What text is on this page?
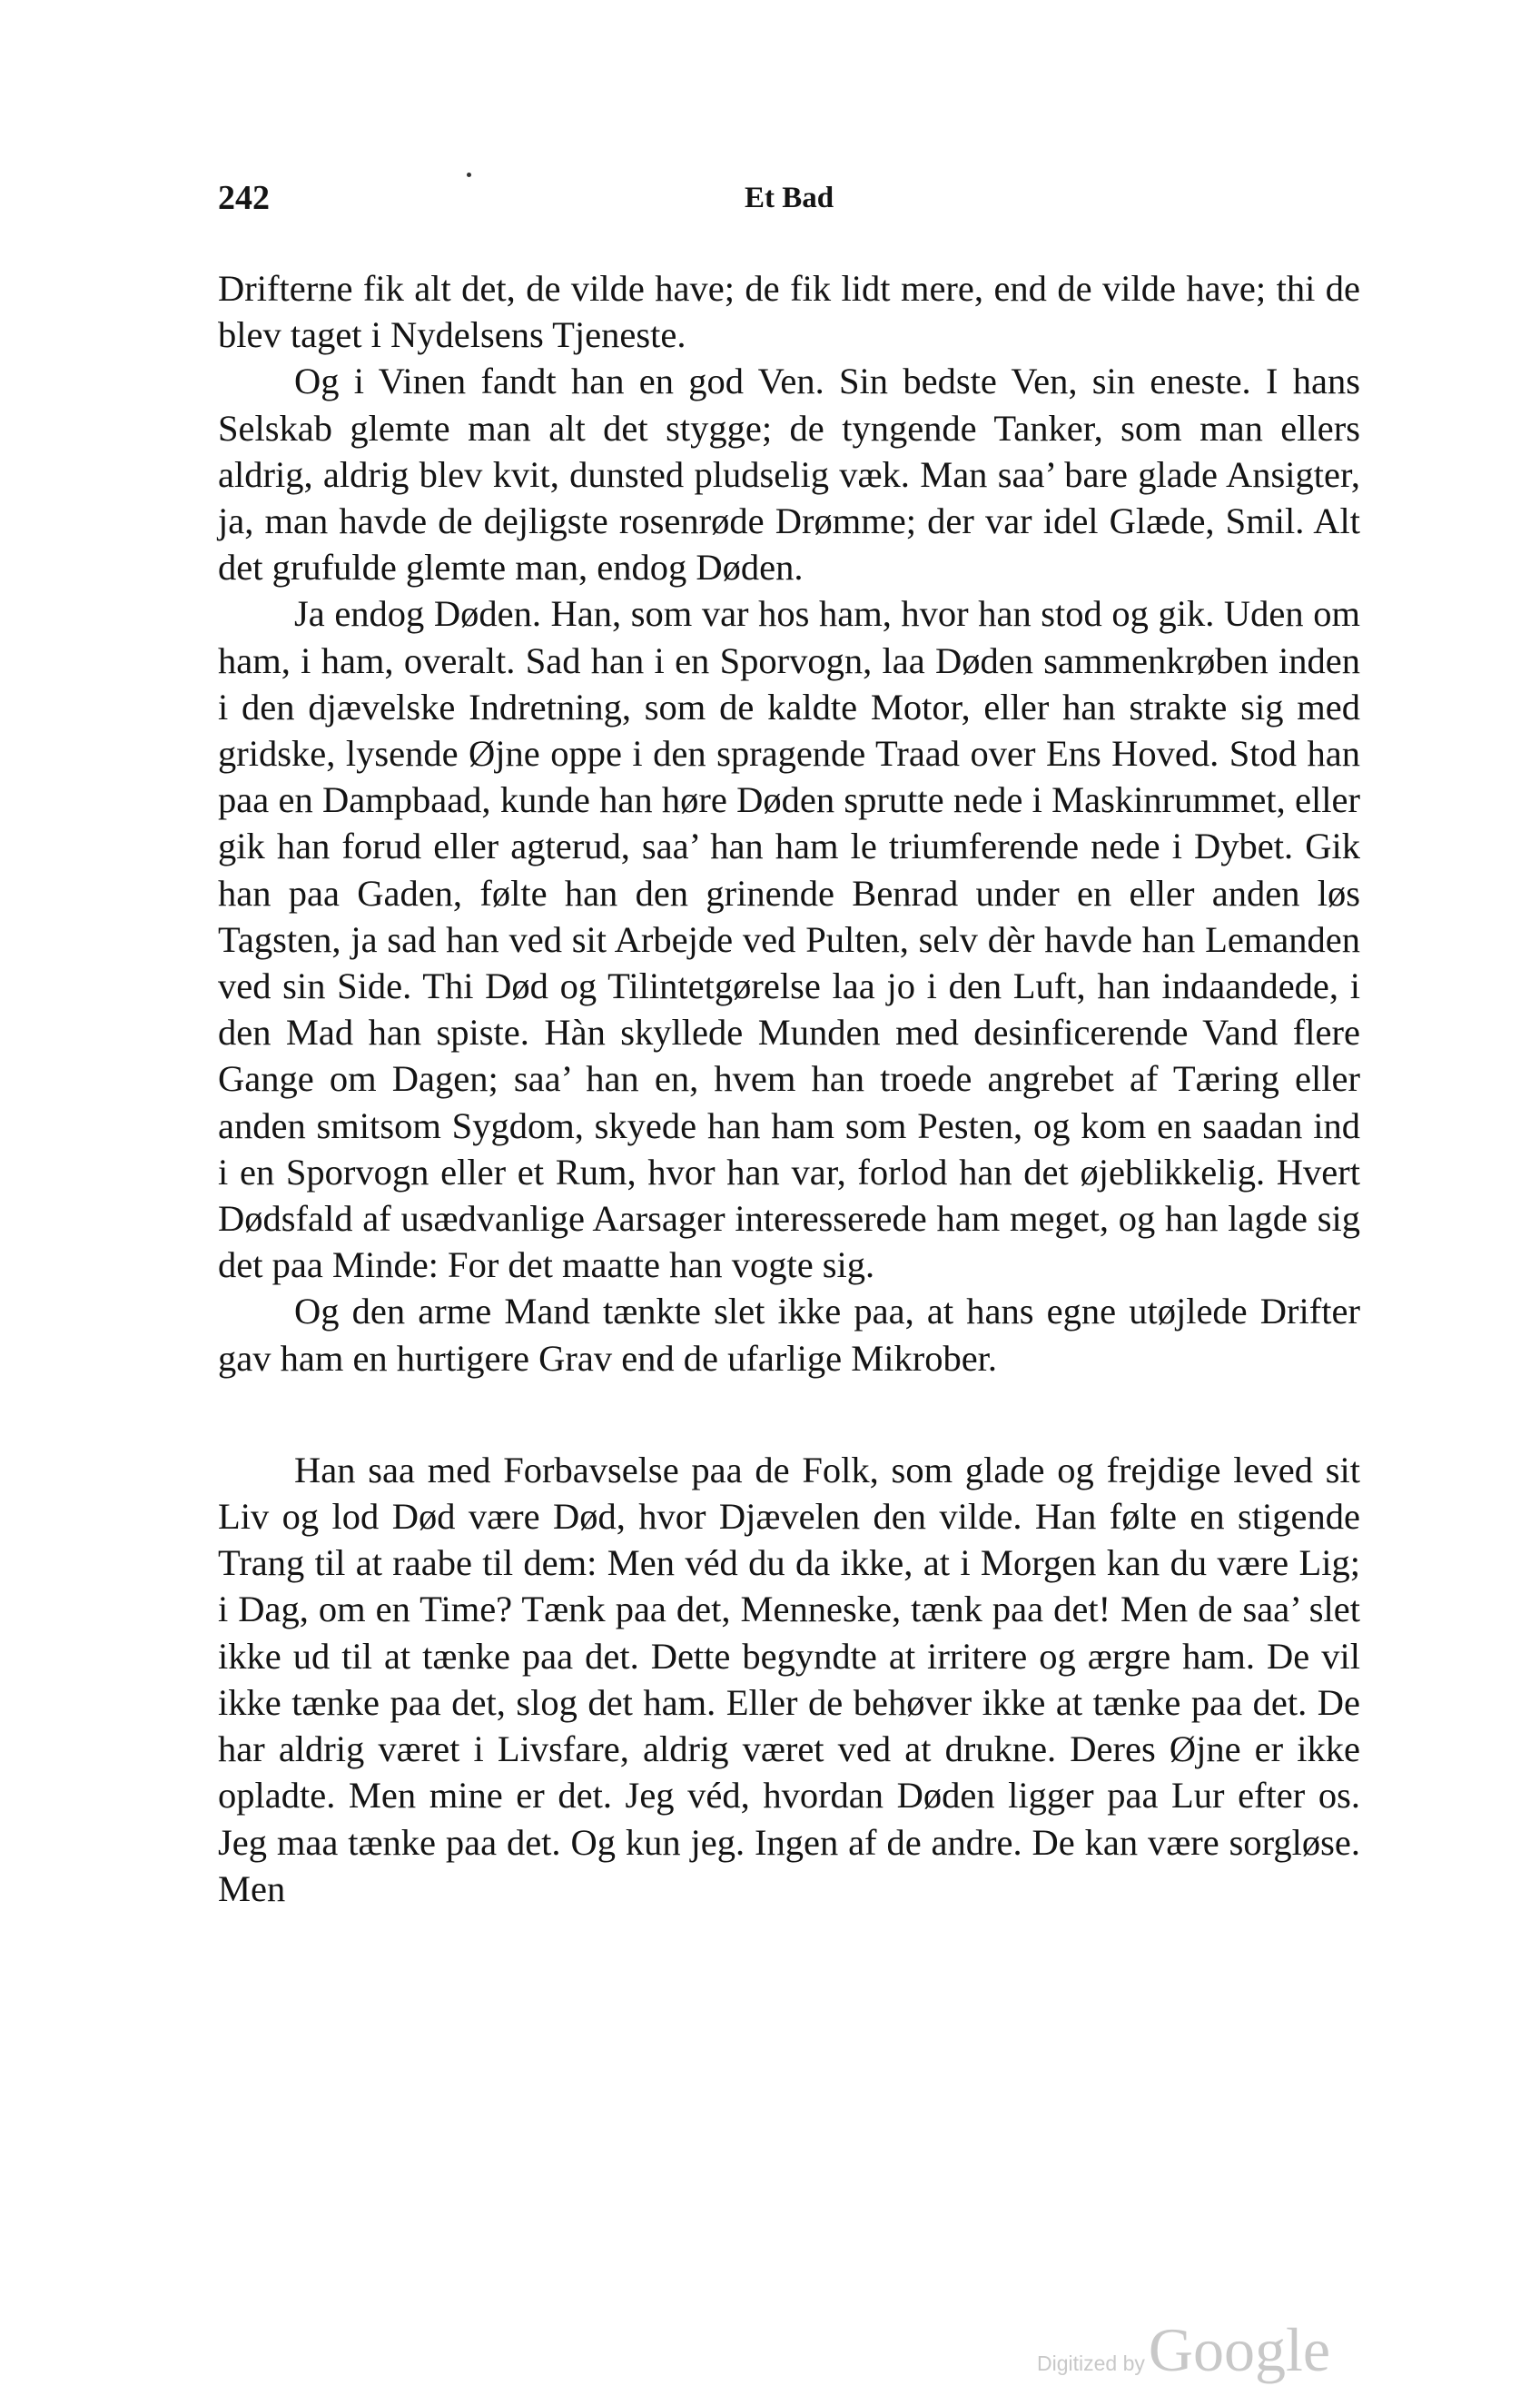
242	Et Bad

Drifterne fik alt det, de vilde have; de fik lidt mere, end de vilde have; thi de blev taget i Nydelsens Tjeneste.

Og i Vinen fandt han en god Ven. Sin bedste Ven, sin eneste. I hans Selskab glemte man alt det stygge; de tyngende Tanker, som man ellers aldrig, aldrig blev kvit, dunsted pludselig væk. Man saa’ bare glade Ansigter, ja, man havde de dejligste rosenrøde Drømme; der var idel Glæde, Smil. Alt det grufulde glemte man, endog Døden.

Ja endog Døden. Han, som var hos ham, hvor han stod og gik. Uden om ham, i ham, overalt. Sad han i en Sporvogn, laa Døden sammenkrøben inden i den djævelske Indretning, som de kaldte Motor, eller han strakte sig med gridske, lysende Øjne oppe i den spragende Traad over Ens Hoved. Stod han paa en Dampbaad, kunde han høre Døden sprutte nede i Maskinrummet, eller gik han forud eller agterud, saa’ han ham le triumferende nede i Dybet. Gik han paa Gaden, følte han den grinende Benrad under en eller anden løs Tagsten, ja sad han ved sit Arbejde ved Pulten, selv dèr havde han Lemanden ved sin Side. Thi Død og Tilintetgørelse laa jo i den Luft, han indaandede, i den Mad han spiste. Hàn skyllede Munden med desinficerende Vand flere Gange om Dagen; saa’ han en, hvem han troede angrebet af Tæring eller anden smitsom Sygdom, skyede han ham som Pesten, og kom en saadan ind i en Sporvogn eller et Rum, hvor han var, forlod han det øjeblikkelig. Hvert Dødsfald af usædvanlige Aarsager interesserede ham meget, og han lagde sig det paa Minde: For det maatte han vogte sig.

Og den arme Mand tænkte slet ikke paa, at hans egne utøjlede Drifter gav ham en hurtigere Grav end de ufarlige Mikrober.

Han saa med Forbavselse paa de Folk, som glade og frejdige leved sit Liv og lod Død være Død, hvor Djævelen den vilde. Han følte en stigende Trang til at raabe til dem: Men véd du da ikke, at i Morgen kan du være Lig; i Dag, om en Time? Tænk paa det, Menneske, tænk paa det! Men de saa’ slet ikke ud til at tænke paa det. Dette begyndte at irritere og ærgre ham. De vil ikke tænke paa det, slog det ham. Eller de behøver ikke at tænke paa det. De har aldrig været i Livsfare, aldrig været ved at drukne. Deres Øjne er ikke opladte. Men mine er det. Jeg véd, hvordan Døden ligger paa Lur efter os. Jeg maa tænke paa det. Og kun jeg. Ingen af de andre. De kan være sorgløse. Men

Digitized byGoogle
